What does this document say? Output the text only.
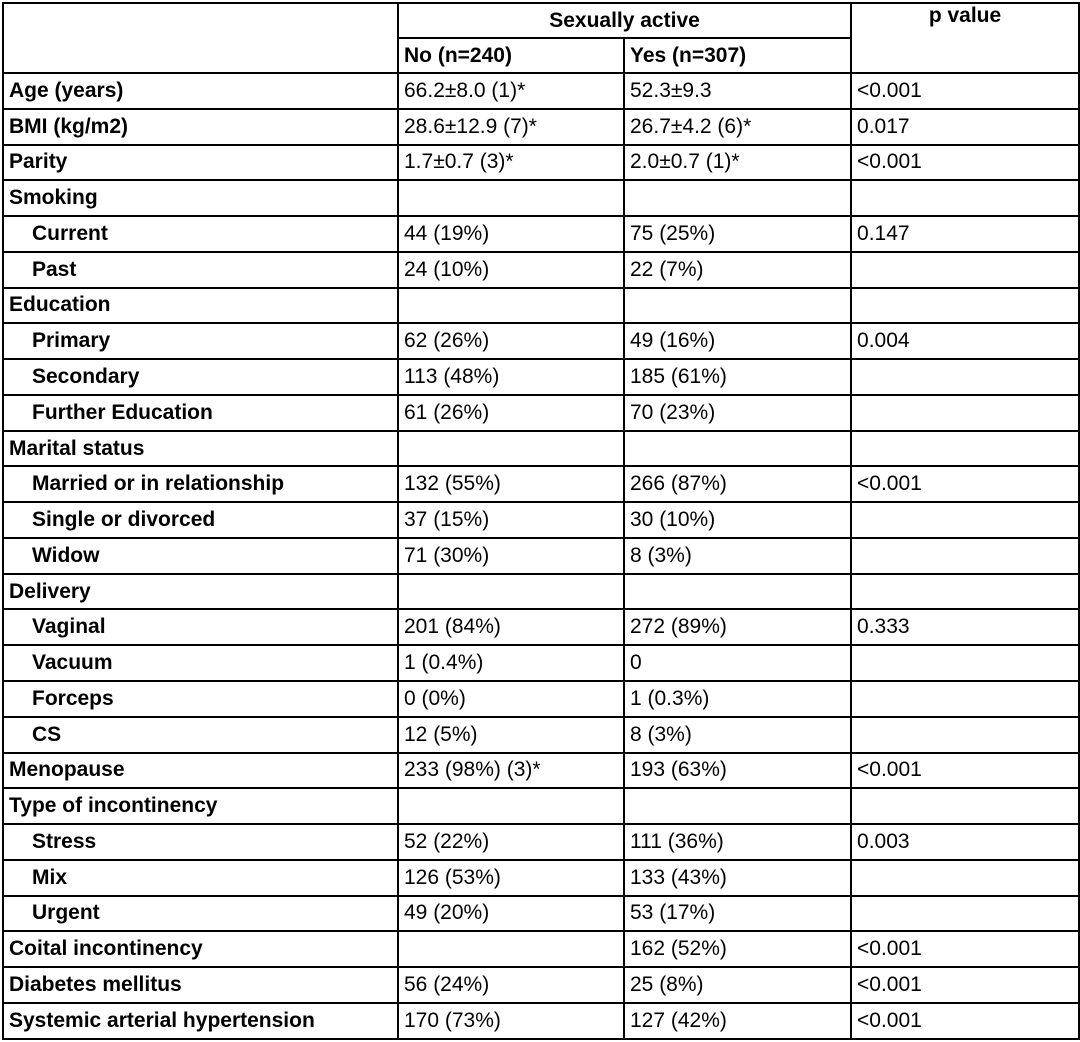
	Sexually active		p value
	No (n=240)	Yes (n=307)	
Age (years)	66.2±8.0 (1)*	52.3±9.3	<0.001
BMI (kg/m2)	28.6±12.9 (7)*	26.7±4.2 (6)*	0.017
Parity	1.7±0.7 (3)*	2.0±0.7 (1)*	<0.001
Smoking			
Current	44 (19%)	75 (25%)	0.147
Past	24 (10%)	22 (7%)	
Education			
Primary	62 (26%)	49 (16%)	0.004
Secondary	113 (48%)	185 (61%)	
Further Education	61 (26%)	70 (23%)	
Marital status			
Married or in relationship	132 (55%)	266 (87%)	<0.001
Single or divorced	37 (15%)	30 (10%)	
Widow	71 (30%)	8 (3%)	
Delivery			
Vaginal	201 (84%)	272 (89%)	0.333
Vacuum	1 (0.4%)	0	
Forceps	0 (0%)	1 (0.3%)	
CS	12 (5%)	8 (3%)	
Menopause	233 (98%) (3)*	193 (63%)	<0.001
Type of incontinency			
Stress	52 (22%)	111 (36%)	0.003
Mix	126 (53%)	133 (43%)	
Urgent	49 (20%)	53 (17%)	
Coital incontinency		162 (52%)	<0.001
Diabetes mellitus	56 (24%)	25 (8%)	<0.001
Systemic arterial hypertension	170 (73%)	127 (42%)	<0.001
